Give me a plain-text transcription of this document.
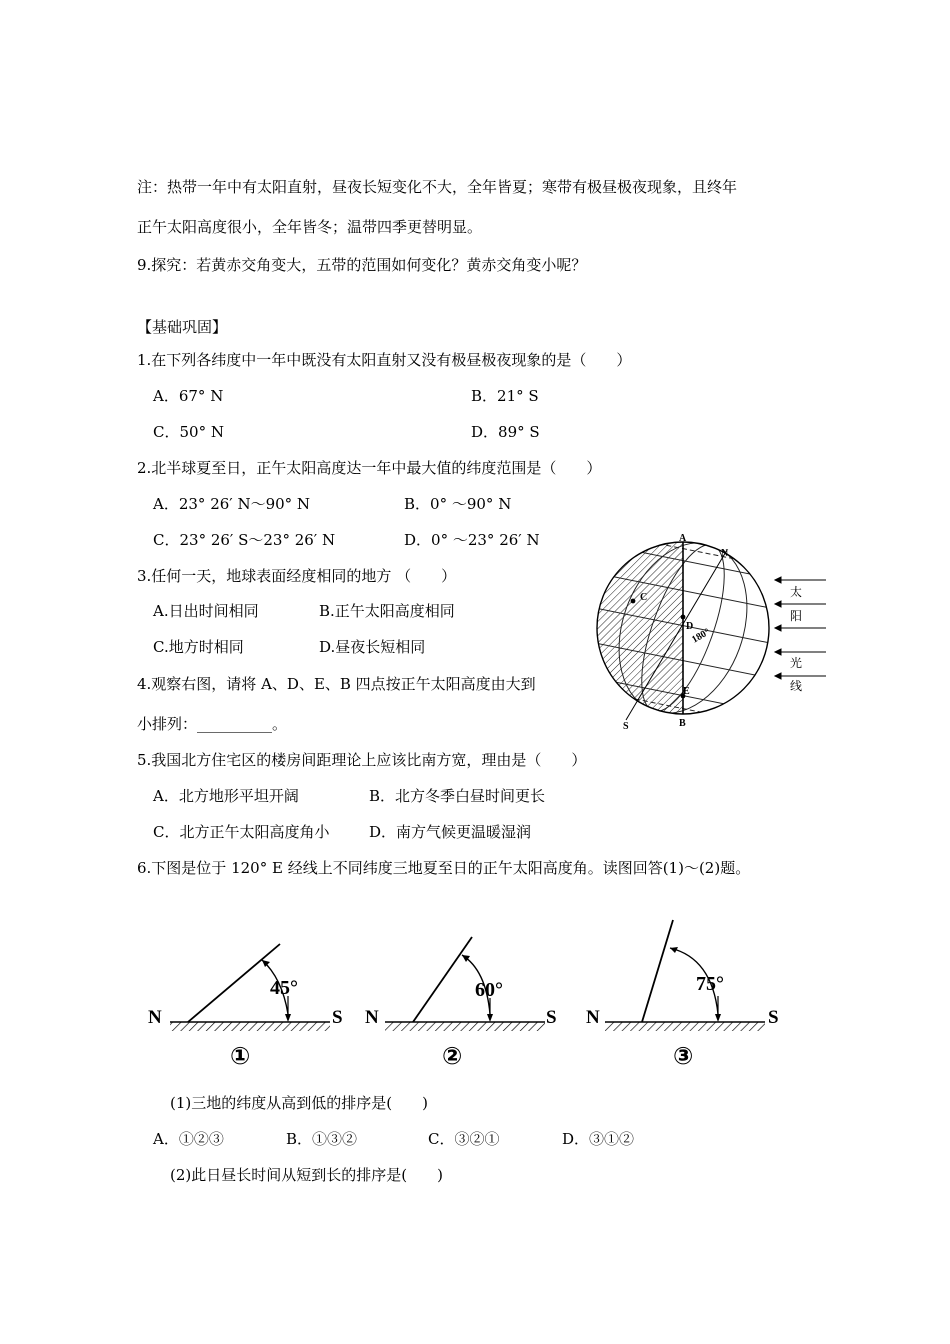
注：热带一年中有太阳直射，昼夜长短变化不大，全年皆夏；寒带有极昼极夜现象，且终年
正午太阳高度很小，全年皆冬；温带四季更替明显。
9.探究：若黄赤交角变大，五带的范围如何变化？黄赤交角变小呢？
【基础巩固】
1.在下列各纬度中一年中既没有太阳直射又没有极昼极夜现象的是（　　）
A．67° N	B．21° S
C．50° N	D．89° S
2.北半球夏至日，正午太阳高度达一年中最大值的纬度范围是（　　）
A．23° 26′ N～90° N	B．0° ～90° N
C．23° 26′ S～23° 26′ N	D．0° ～23° 26′ N
3.任何一天，地球表面经度相同的地方 （　　）
A.日出时间相同	B.正午太阳高度相同
C.地方时相同	D.昼夜长短相同
4.观察右图，请将 A、D、E、B 四点按正午太阳高度由大到
小排列：__________。
5.我国北方住宅区的楼房间距理论上应该比南方宽，理由是（　　）
A．北方地形平坦开阔	B．北方冬季白昼时间更长
C．北方正午太阳高度角小	D．南方气候更温暖湿润
6.下图是位于 120° E 经线上不同纬度三地夏至日的正午太阳高度角。读图回答(1)～(2)题。
(1)三地的纬度从高到低的排序是(　　)
A．①②③	B．①③②	C．③②①	D．③①②
(2)此日昼长时间从短到长的排序是(　　)
A
N
C
D
180°
E
S	B
太
阳
光
线
45°
N	S
①
60°
N	S
②
75°
N	S
③
